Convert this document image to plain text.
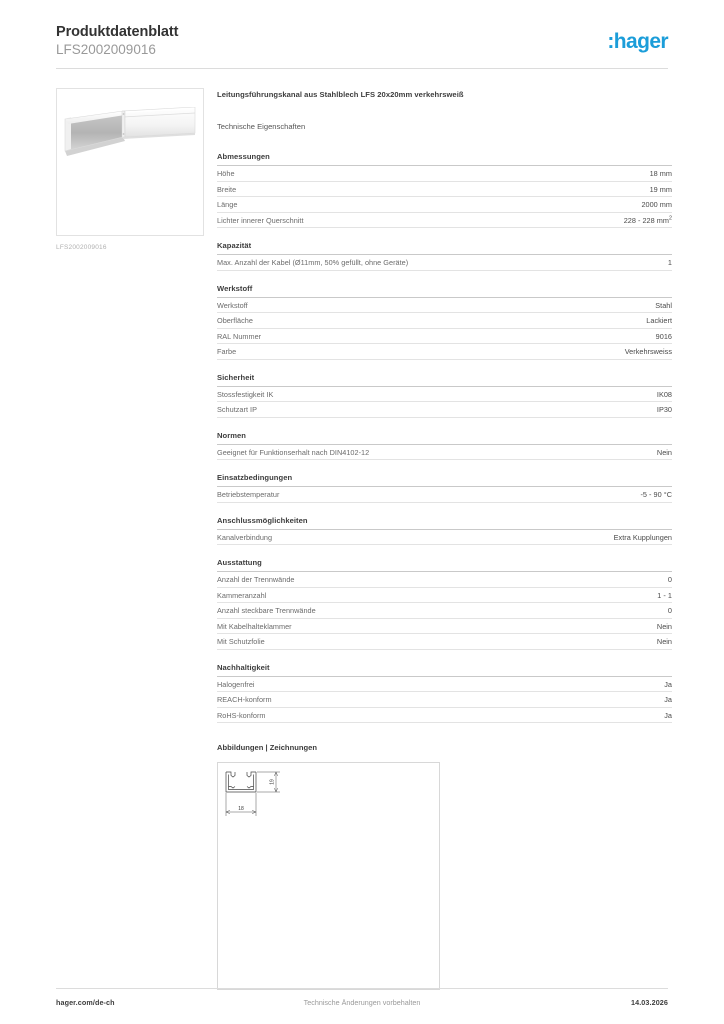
Produktdatenblatt
LFS2002009016	:hager
LFS2002009016
Leitungsführungskanal aus Stahlblech LFS 20x20mm verkehrsweiß
Technische Eigenschaften
Abmessungen
Höhe	18 mm
Breite	19 mm
Länge	2000 mm
Lichter innerer Querschnitt	228 - 228 $mm^2$
Kapazität
Max. Anzahl der Kabel (Ø11mm, 50% gefüllt, ohne Geräte)	1
Werkstoff
Werkstoff	Stahl
Oberfläche	Lackiert
RAL Nummer	9016
Farbe	Verkehrsweiss
Sicherheit
Stossfestigkeit IK	IK08
Schutzart IP	IP30
Normen
Geeignet für Funktionserhalt nach DIN4102-12	Nein
Einsatzbedingungen
Betriebstemperatur	-5 - 90 °C
Anschlussmöglichkeiten
Kanalverbindung	Extra Kupplungen
Ausstattung
Anzahl der Trennwände	0
Kammeranzahl	1 - 1
Anzahl steckbare Trennwände	0
Mit Kabelhalteklammer	Nein
Mit Schutzfolie	Nein
Nachhaltigkeit
Halogenfrei	Ja
REACH-konform	Ja
RoHS-konform	Ja
Abbildungen | Zeichnungen
18
19
hager.com/de-ch	Technische Änderungen vorbehalten	14.03.2026
